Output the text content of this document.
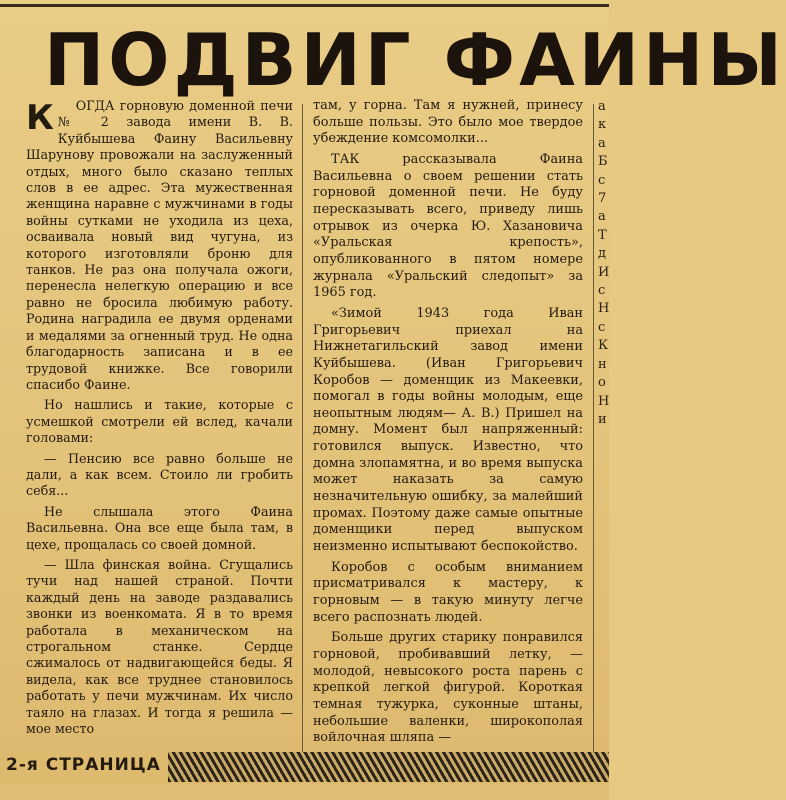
ПОДВИГ ФАИНЫ

К ОГДА горновую доменной печи № 2 завода имени В. В. Куйбышева Фаину Васильевну Шарунову провожали на заслуженный отдых, много было сказано теплых слов в ее адрес. Эта мужественная женщина наравне с мужчинами в годы войны сутками не уходила из цеха, осваивала новый вид чугуна, из которого изготовляли броню для танков. Не раз она получала ожоги, перенесла нелегкую операцию и все равно не бросила любимую работу. Родина наградила ее двумя орденами и медалями за огненный труд. Не одна благодарность записана и в ее трудовой книжке. Все говорили спасибо Фаине.

Но нашлись и такие, которые с усмешкой смотрели ей вслед, качали головами:

— Пенсию все равно больше не дали, а как всем. Стоило ли гробить себя...

Не слышала этого Фаина Васильевна. Она все еще была там, в цехе, прощалась со своей домной.

— Шла финская война. Сгущались тучи над нашей страной. Почти каждый день на заводе раздавались звонки из военкомата. Я в то время работала в механическом на строгальном станке. Сердце сжималось от надвигающейся беды. Я видела, как все труднее становилось работать у печи мужчинам. Их число таяло на глазах. И тогда я решила — мое место

там, у горна. Там я нужней, принесу больше пользы. Это было мое твердое убеждение комсомолки...

ТАК рассказывала Фаина Васильевна о своем решении стать горновой доменной печи. Не буду пересказывать всего, приведу лишь отрывок из очерка Ю. Хазановича «Уральская крепость», опубликованного в пятом номере журнала «Уральский следопыт» за 1965 год.

«Зимой 1943 года Иван Григорьевич приехал на Нижнетагильский завод имени Куйбышева. (Иван Григорьевич Коробов — доменщик из Макеевки, помогал в годы войны молодым, еще неопытным людям— А. В.) Пришел на домну. Момент был напряженный: готовился выпуск. Известно, что домна злопамятна, и во время выпуска может наказать за самую незначительную ошибку, за малейший промах. Поэтому даже самые опытные доменщики перед выпуском неизменно испытывают беспокойство.

Коробов с особым вниманием присматривался к мастеру, к горновым — в такую минуту легче всего распознать людей.

Больше других старику понравился горновой, пробивавший летку, — молодой, невысокого роста парень с крепкой легкой фигурой. Короткая темная тужурка, суконные штаны, небольшие валенки, широкополая войлочная шляпа —

а к а Б с 7 а Т д И с Н с К н о Н и
2-я СТРАНИЦА
